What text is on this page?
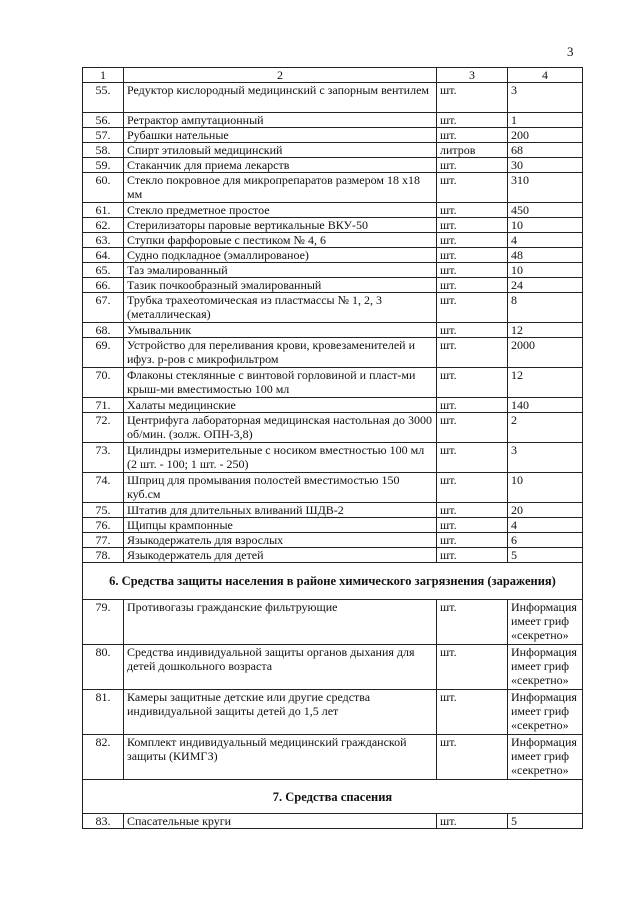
3
1	2	3	4
55.	Редуктор кислородный медицинский с запорным вентилем	шт.	3
56.	Ретрактор ампутационный	шт.	1
57.	Рубашки нательные	шт.	200
58.	Спирт этиловый медицинский	литров	68
59.	Стаканчик для приема лекарств	шт.	30
60.	Стекло покровное для микропрепаратов размером 18 x18 мм	шт.	310
61.	Стекло предметное простое	шт.	450
62.	Стерилизаторы паровые вертикальные ВКУ-50	шт.	10
63.	Ступки фарфоровые с пестиком № 4, 6	шт.	4
64.	Судно подкладное (эмаллированое)	шт.	48
65.	Таз эмалированный	шт.	10
66.	Тазик почкообразный эмалированный	шт.	24
67.	Трубка трахеотомическая из пластмассы № 1, 2, 3 (металлическая)	шт.	8
68.	Умывальник	шт.	12
69.	Устройство для переливания крови, кровезаменителей и ифуз. р-ров с микрофильтром	шт.	2000
70.	Флаконы стеклянные с винтовой горловиной и пласт-ми крыш-ми вместимостью 100 мл	шт.	12
71.	Халаты медицинские	шт.	140
72.	Центрифуга лабораторная медицинская настольная до 3000 об/мин. (золж. ОПН-3,8)	шт.	2
73.	Цилиндры измерительные с носиком вместностью 100 мл (2 шт. - 100; 1 шт. - 250)	шт.	3
74.	Шприц для промывания полостей вместимостью 150 куб.см	шт.	10
75.	Штатив для длительных вливаний ШДВ-2	шт.	20
76.	Щипцы крампонные	шт.	4
77.	Языкодержатель для взрослых	шт.	6
78.	Языкодержатель для детей	шт.	5
6. Средства защиты населения в районе химического загрязнения (заражения)			
79.	Противогазы гражданские фильтрующие	шт.	Информация имеет гриф «секретно»
80.	Средства индивидуальной защиты органов дыхания для детей дошкольного возраста	шт.	Информация имеет гриф «секретно»
81.	Камеры защитные детские или другие средства индивидуальной защиты детей до 1,5 лет	шт.	Информация имеет гриф «секретно»
82.	Комплект индивидуальный медицинский гражданской защиты (КИМГЗ)	шт.	Информация имеет гриф «секретно»
7. Средства спасения			
83.	Спасательные круги	шт.	5
